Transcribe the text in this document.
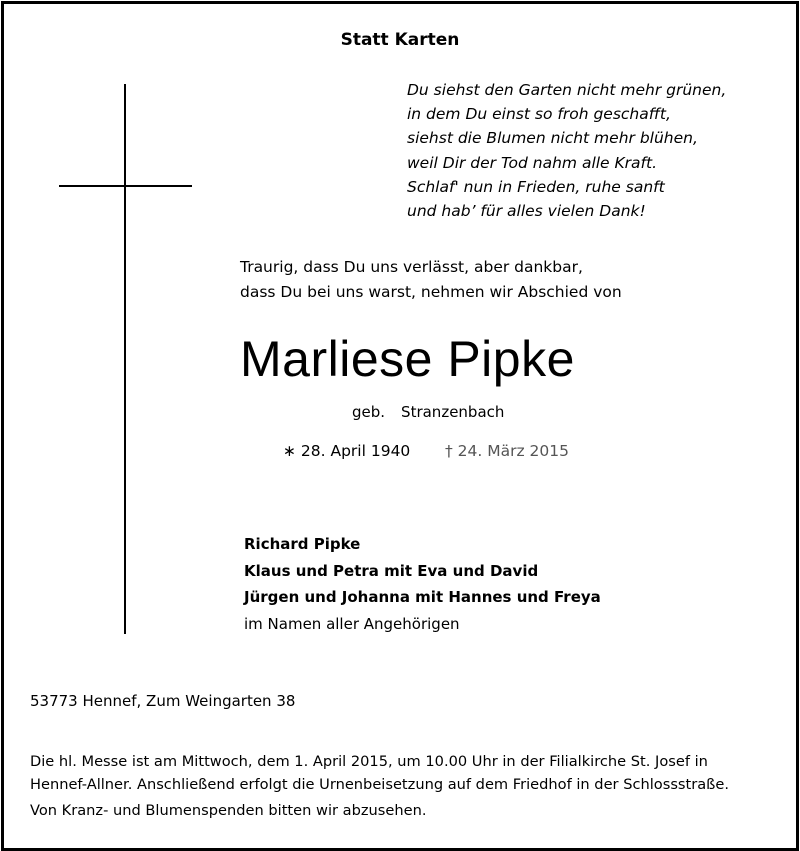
Statt Karten
Du siehst den Garten nicht mehr grünen,
in dem Du einst so froh geschafft,
siehst die Blumen nicht mehr blühen,
weil Dir der Tod nahm alle Kraft.
Schlaf' nun in Frieden, ruhe sanft
und hab’ für alles vielen Dank!
Traurig, dass Du uns verlässt, aber dankbar,
dass Du bei uns warst, nehmen wir Abschied von
Marliese Pipke
geb. Stranzenbach
∗ 28. April 1940 † 24. März 2015
Richard Pipke
Klaus und Petra mit Eva und David
Jürgen und Johanna mit Hannes und Freya
im Namen aller Angehörigen
53773 Hennef, Zum Weingarten 38
Die hl. Messe ist am Mittwoch, dem 1. April 2015, um 10.00 Uhr in der Filialkirche St. Josef in
Hennef-Allner. Anschließend erfolgt die Urnenbeisetzung auf dem Friedhof in der Schlossstraße.
Von Kranz- und Blumenspenden bitten wir abzusehen.
